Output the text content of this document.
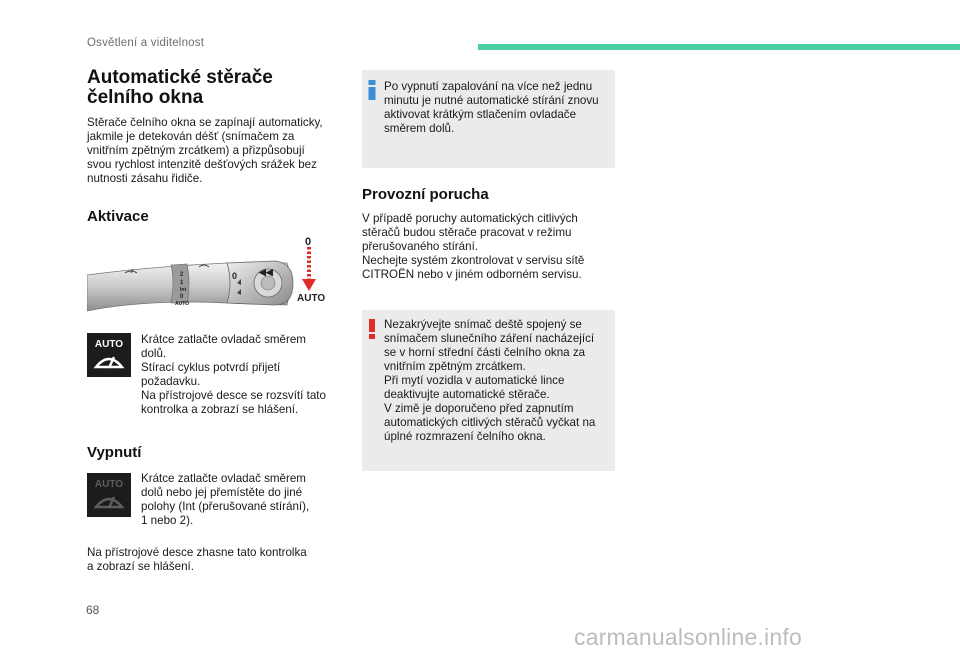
Osvětlení a viditelnost
Automatické stěrače
čelního okna
Stěrače čelního okna se zapínají automaticky,
jakmile je detekován déšť (snímačem za
vnitřním zpětným zrcátkem) a přizpůsobují
svou rychlost intenzitě dešťových srážek bez
nutnosti zásahu řidiče.
Aktivace
2
1
Int
0
AUTO
0 ◀◀
0
AUTO
AUTO Krátce zatlačte ovladač směrem
dolů.
Stírací cyklus potvrdí přijetí
požadavku.
Na přístrojové desce se rozsvítí tato
kontrolka a zobrazí se hlášení.
Vypnutí
AUTO Krátce zatlačte ovladač směrem
dolů nebo jej přemístěte do jiné
polohy (Int (přerušované stírání),
1 nebo 2).
Na přístrojové desce zhasne tato kontrolka
a zobrazí se hlášení.
Po vypnutí zapalování na více než jednu
minutu je nutné automatické stírání znovu
aktivovat krátkým stlačením ovladače
směrem dolů.
Provozní porucha
V případě poruchy automatických citlivých
stěračů budou stěrače pracovat v režimu
přerušovaného stírání.
Nechejte systém zkontrolovat v servisu sítě
CITROËN nebo v jiném odborném servisu.
Nezakrývejte snímač deště spojený se
snímačem slunečního záření nacházející
se v horní střední části čelního okna za
vnitřním zpětným zrcátkem.
Při mytí vozidla v automatické lince
deaktivujte automatické stěrače.
V zimě je doporučeno před zapnutím
automatických citlivých stěračů vyčkat na
úplné rozmrazení čelního okna.
68
carmanualsonline.info
